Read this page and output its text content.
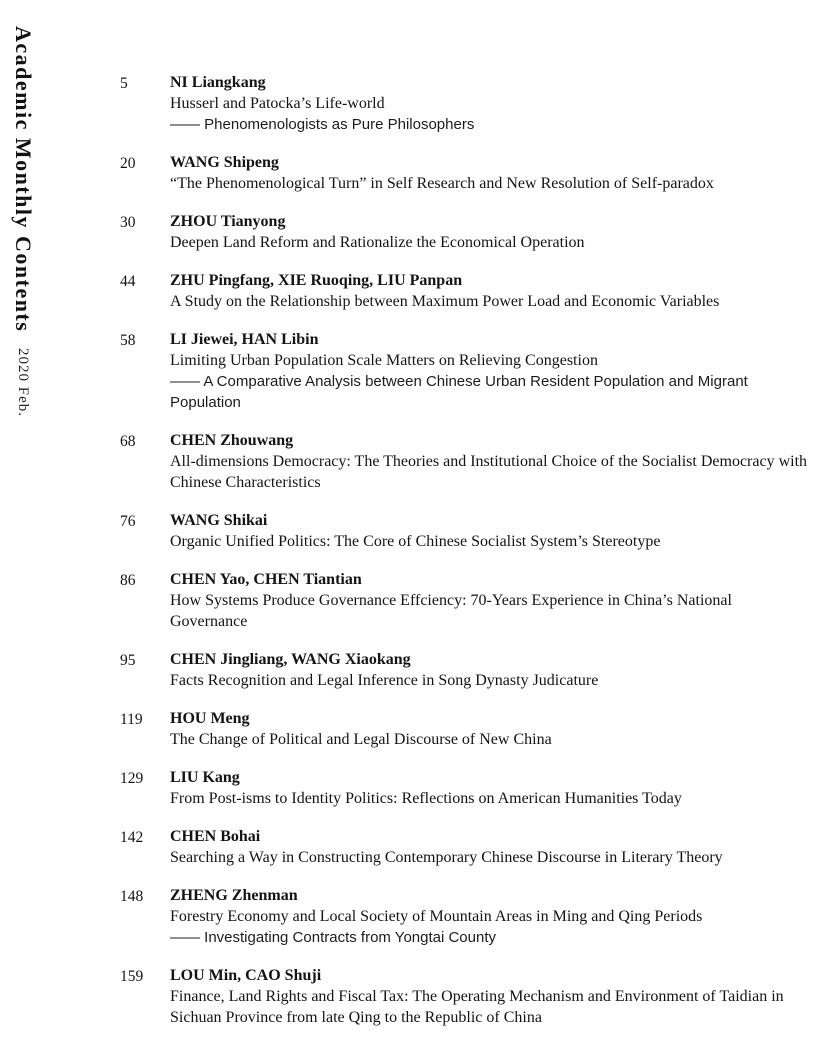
Academic Monthly Contents 2020 Feb.
5	NI Liangkang
Husserl and Patocka’s Life-world
—— Phenomenologists as Pure Philosophers
20	WANG Shipeng
“The Phenomenological Turn” in Self Research and New Resolution of Self-paradox
30	ZHOU Tianyong
Deepen Land Reform and Rationalize the Economical Operation
44	ZHU Pingfang, XIE Ruoqing, LIU Panpan
A Study on the Relationship between Maximum Power Load and Economic Variables
58	LI Jiewei, HAN Libin
Limiting Urban Population Scale Matters on Relieving Congestion
—— A Comparative Analysis between Chinese Urban Resident Population and Migrant Population
68	CHEN Zhouwang
All-dimensions Democracy: The Theories and Institutional Choice of the Socialist Democracy with Chinese Characteristics
76	WANG Shikai
Organic Unified Politics: The Core of Chinese Socialist System’s Stereotype
86	CHEN Yao, CHEN Tiantian
How Systems Produce Governance Effciency: 70-Years Experience in China’s National Governance
95	CHEN Jingliang, WANG Xiaokang
Facts Recognition and Legal Inference in Song Dynasty Judicature
119	HOU Meng
The Change of Political and Legal Discourse of New China
129	LIU Kang
From Post-isms to Identity Politics: Reflections on American Humanities Today
142	CHEN Bohai
Searching a Way in Constructing Contemporary Chinese Discourse in Literary Theory
148	ZHENG Zhenman
Forestry Economy and Local Society of Mountain Areas in Ming and Qing Periods
—— Investigating Contracts from Yongtai County
159	LOU Min, CAO Shuji
Finance, Land Rights and Fiscal Tax: The Operating Mechanism and Environment of Taidian in Sichuan Province from late Qing to the Republic of China
